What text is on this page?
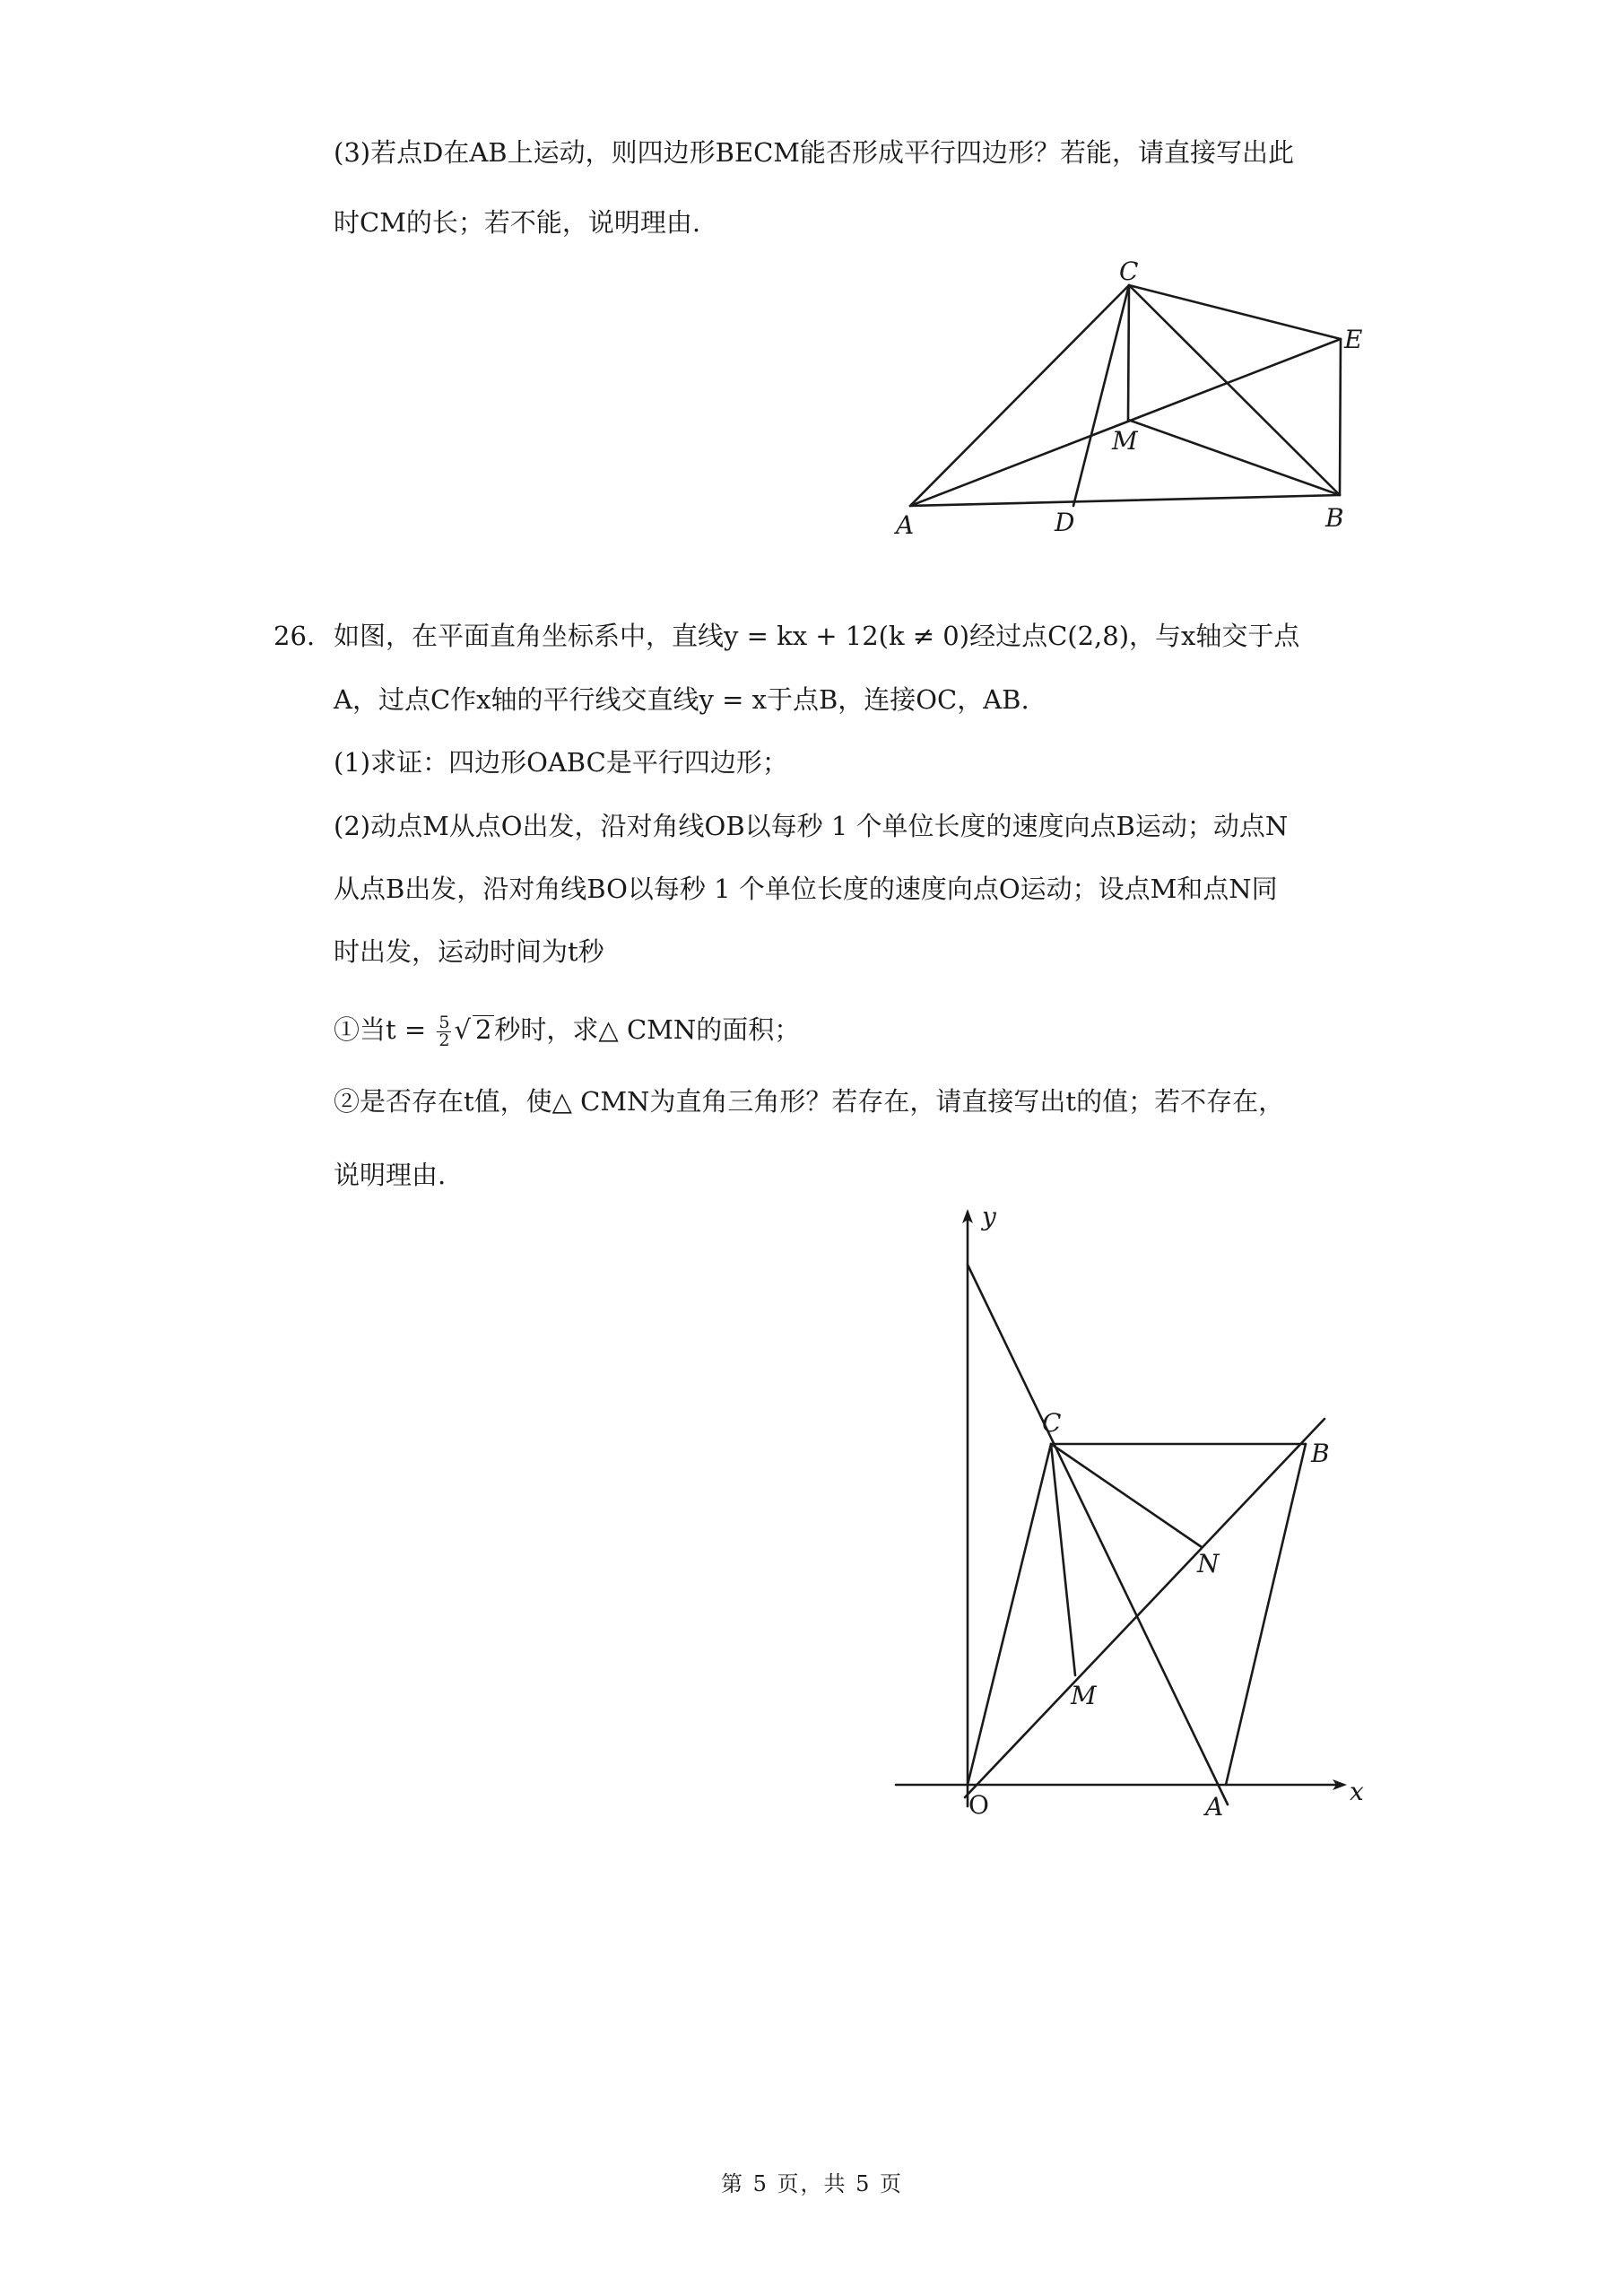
(3)若点D在AB上运动，则四边形BECM能否形成平行四边形？若能，请直接写出此
时CM的长；若不能，说明理由.
C
E
M
A	D	B
26. 如图，在平面直角坐标系中，直线y = kx + 12(k ≠ 0)经过点C(2,8)，与x轴交于点
A，过点C作x轴的平行线交直线y = x于点B，连接OC，AB.
(1)求证：四边形OABC是平行四边形；
(2)动点M从点O出发，沿对角线OB以每秒 1 个单位长度的速度向点B运动；动点N
从点B出发，沿对角线BO以每秒 1 个单位长度的速度向点O运动；设点M和点N同
时出发，运动时间为t秒
①当$t = \frac{5}{2}$ √ 2 秒时，求△ CMN的面积；
②是否存在t值，使△ CMN为直角三角形？若存在，请直接写出t的值；若不存在，
说明理由.
y
x
C
B
N
M
O	A
第 5 页，共 5 页
